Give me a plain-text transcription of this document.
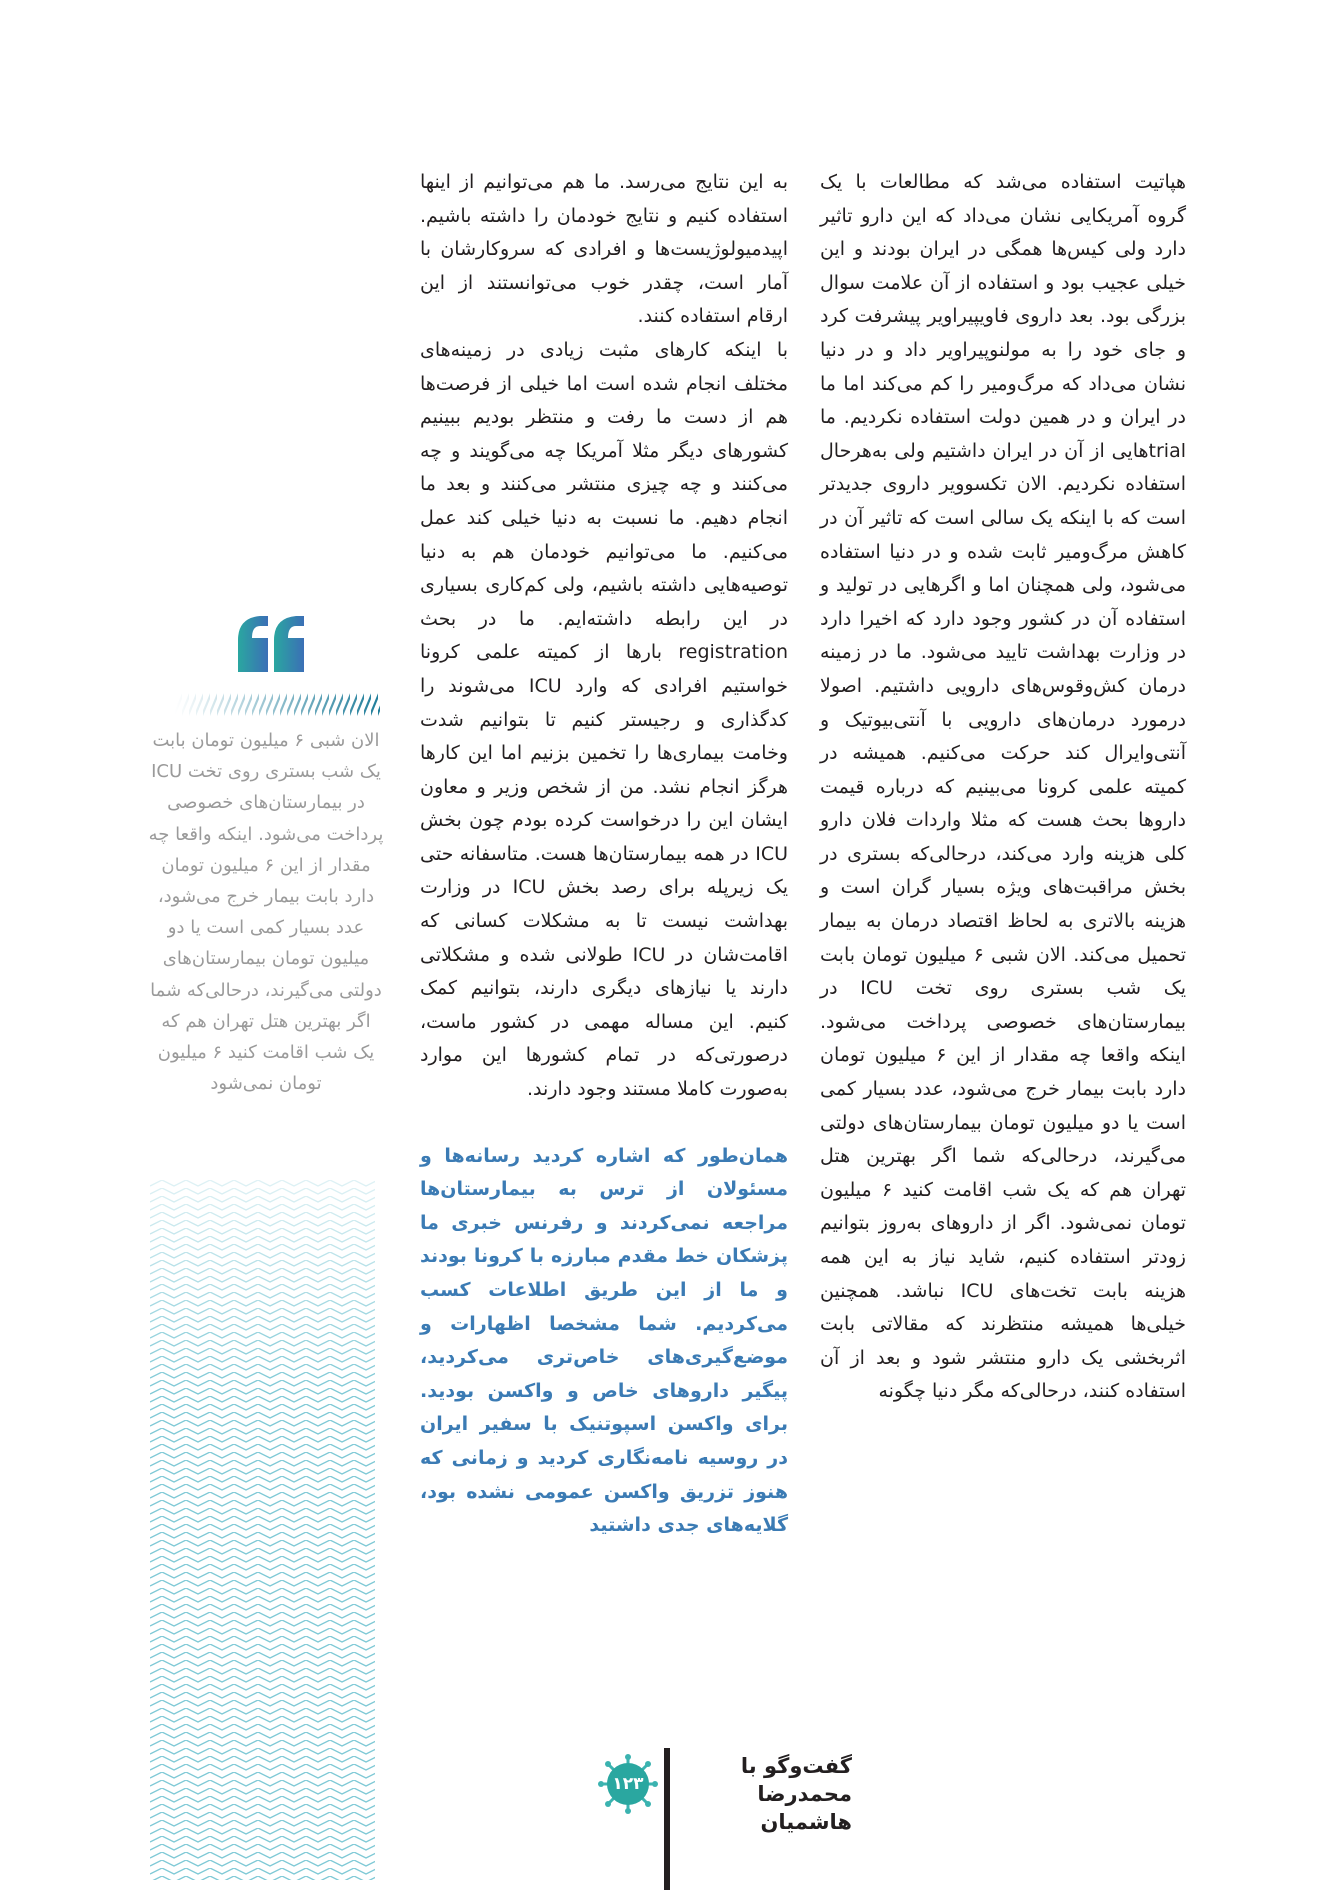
هپاتیت استفاده می‌شد که مطالعات با یک گروه آمریکایی نشان می‌داد که این دارو تاثیر دارد ولی کیس‌ها همگی در ایران بودند و این خیلی عجیب بود و استفاده از آن علامت سوال بزرگی بود. بعد داروی فاویپیراویر پیشرفت کرد و جای خود را به مولنوپیراویر داد و در دنیا نشان می‌داد که مرگ‌ومیر را کم می‌کند اما ما در ایران و در همین دولت استفاده نکردیم. ما trialهایی از آن در ایران داشتیم ولی به‌هرحال استفاده نکردیم. الان تکسوویر داروی جدیدتر است که با اینکه یک سالی است که تاثیر آن در کاهش مرگ‌ومیر ثابت شده و در دنیا استفاده می‌شود، ولی همچنان اما و اگرهایی در تولید و استفاده آن در کشور وجود دارد که اخیرا دارد در وزارت بهداشت تایید می‌شود. ما در زمینه درمان کش‌وقوس‌های دارویی داشتیم. اصولا درمورد درمان‌های دارویی با آنتی‌بیوتیک و آنتی‌وایرال کند حرکت می‌کنیم. همیشه در کمیته علمی کرونا می‌بینیم که درباره قیمت داروها بحث هست که مثلا واردات فلان دارو کلی هزینه وارد می‌کند، درحالی‌که بستری در بخش مراقبت‌های ویژه بسیار گران است و هزینه بالاتری به لحاظ اقتصاد درمان به بیمار تحمیل می‌کند. الان شبی ۶ میلیون تومان بابت یک شب بستری روی تخت ICU در بیمارستان‌های خصوصی پرداخت می‌شود. اینکه واقعا چه مقدار از این ۶ میلیون تومان دارد بابت بیمار خرج می‌شود، عدد بسیار کمی است یا دو میلیون تومان بیمارستان‌های دولتی می‌گیرند، درحالی‌که شما اگر بهترین هتل تهران هم که یک شب اقامت کنید ۶ میلیون تومان نمی‌شود. اگر از داروهای به‌روز بتوانیم زودتر استفاده کنیم، شاید نیاز به این همه هزینه بابت تخت‌های ICU نباشد. همچنین خیلی‌ها همیشه منتظرند که مقالاتی بابت اثربخشی یک دارو منتشر شود و بعد از آن استفاده کنند، درحالی‌که مگر دنیا چگونه

به این نتایج می‌رسد. ما هم می‌توانیم از اینها استفاده کنیم و نتایج خودمان را داشته باشیم. اپیدمیولوژیست‌ها و افرادی که سروکارشان با آمار است، چقدر خوب می‌توانستند از این ارقام استفاده کنند.

با اینکه کارهای مثبت زیادی در زمینه‌های مختلف انجام شده است اما خیلی از فرصت‌ها هم از دست ما رفت و منتظر بودیم ببینیم کشورهای دیگر مثلا آمریکا چه می‌گویند و چه می‌کنند و چه چیزی منتشر می‌کنند و بعد ما انجام دهیم. ما نسبت به دنیا خیلی کند عمل می‌کنیم. ما می‌توانیم خودمان هم به دنیا توصیه‌هایی داشته باشیم، ولی کم‌کاری بسیاری در این رابطه داشته‌ایم. ما در بحث registration بارها از کمیته علمی کرونا خواستیم افرادی که وارد ICU می‌شوند را کدگذاری و رجیستر کنیم تا بتوانیم شدت وخامت بیماری‌ها را تخمین بزنیم اما این کارها هرگز انجام نشد. من از شخص وزیر و معاون ایشان این را درخواست کرده بودم چون بخش ICU در همه بیمارستان‌ها هست. متاسفانه حتی یک زیرپله برای رصد بخش ICU در وزارت بهداشت نیست تا به مشکلات کسانی که اقامت‌شان در ICU طولانی شده و مشکلاتی دارند یا نیازهای دیگری دارند، بتوانیم کمک کنیم. این مساله مهمی در کشور ماست، درصورتی‌که در تمام کشورها این موارد به‌صورت کاملا مستند وجود دارند.

همان‌طور که اشاره کردید رسانه‌ها و مسئولان از ترس به بیمارستان‌ها مراجعه نمی‌کردند و رفرنس خبری ما پزشکان خط مقدم مبارزه با کرونا بودند و ما از این طریق اطلاعات کسب می‌کردیم. شما مشخصا اظهارات و موضع‌گیری‌های خاص‌تری می‌کردید، پیگیر داروهای خاص و واکسن بودید. برای واکسن اسپوتنیک با سفیر ایران در روسیه نامه‌نگاری کردید و زمانی که هنوز تزریق واکسن عمومی نشده بود، گلایه‌های جدی داشتید

الان شبی ۶ میلیون تومان بابت یک شب بستری روی تخت ICU در بیمارستان‌های خصوصی پرداخت می‌شود. اینکه واقعا چه مقدار از این ۶ میلیون تومان دارد بابت بیمار خرج می‌شود، عدد بسیار کمی است یا دو میلیون تومان بیمارستان‌های دولتی می‌گیرند، درحالی‌که شما اگر بهترین هتل تهران هم که یک شب اقامت کنید ۶ میلیون تومان نمی‌شود

گفت‌وگو با
محمدرضا هاشمیان
۱۲۳
